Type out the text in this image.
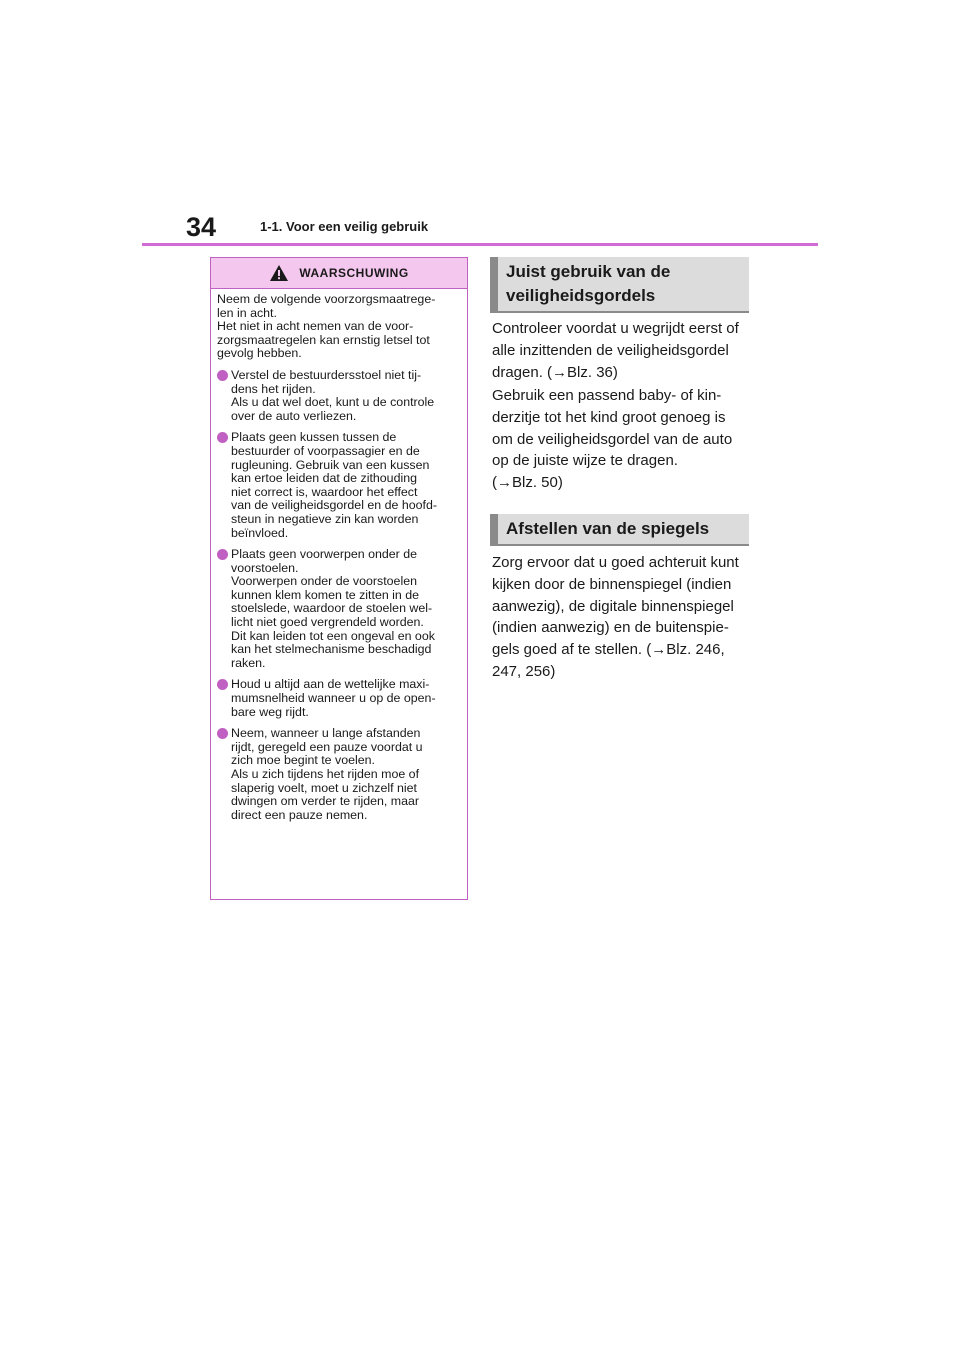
34	1-1. Voor een veilig gebruik
WAARSCHUWING
Neem de volgende voorzorgsmaatrege-
len in acht.
Het niet in acht nemen van de voor-
zorgsmaatregelen kan ernstig letsel tot
gevolg hebben.
Verstel de bestuurdersstoel niet tij-
dens het rijden.
Als u dat wel doet, kunt u de controle
over de auto verliezen.
Plaats geen kussen tussen de
bestuurder of voorpassagier en de
rugleuning. Gebruik van een kussen
kan ertoe leiden dat de zithouding
niet correct is, waardoor het effect
van de veiligheidsgordel en de hoofd-
steun in negatieve zin kan worden
beïnvloed.
Plaats geen voorwerpen onder de
voorstoelen.
Voorwerpen onder de voorstoelen
kunnen klem komen te zitten in de
stoelslede, waardoor de stoelen wel-
licht niet goed vergrendeld worden.
Dit kan leiden tot een ongeval en ook
kan het stelmechanisme beschadigd
raken.
Houd u altijd aan de wettelijke maxi-
mumsnelheid wanneer u op de open-
bare weg rijdt.
Neem, wanneer u lange afstanden
rijdt, geregeld een pauze voordat u
zich moe begint te voelen.
Als u zich tijdens het rijden moe of
slaperig voelt, moet u zichzelf niet
dwingen om verder te rijden, maar
direct een pauze nemen.
Juist gebruik van de
veiligheidsgordels
Controleer voordat u wegrijdt eerst of
alle inzittenden de veiligheidsgordel
dragen. (→Blz. 36)
Gebruik een passend baby- of kin-
derzitje tot het kind groot genoeg is
om de veiligheidsgordel van de auto
op de juiste wijze te dragen.
(→Blz. 50)
Afstellen van de spiegels
Zorg ervoor dat u goed achteruit kunt
kijken door de binnenspiegel (indien
aanwezig), de digitale binnenspiegel
(indien aanwezig) en de buitenspie-
gels goed af te stellen. (→Blz. 246,
247, 256)
